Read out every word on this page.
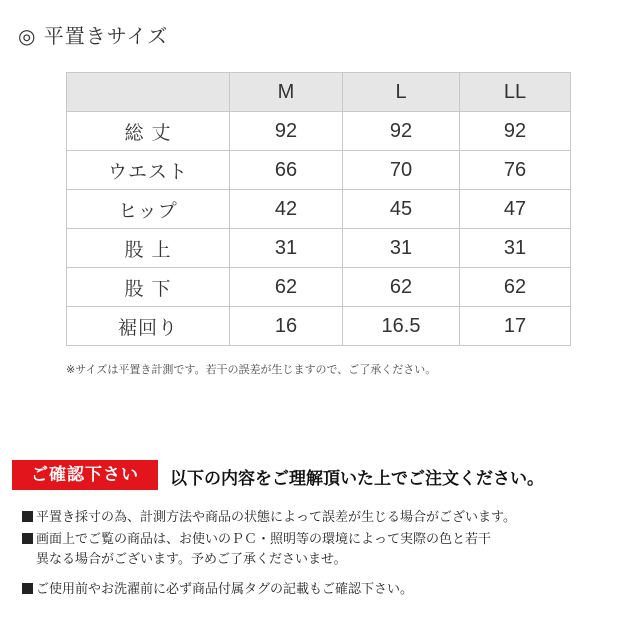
◎ 平置きサイズ
	M	L	LL
総 丈	92	92	92
ウエスト	66	70	76
ヒップ	42	45	47
股 上	31	31	31
股 下	62	62	62
裾回り	16	16.5	17
※サイズは平置き計測です。若干の誤差が生じますので、ご了承ください。
ご確認下さい	以下の内容をご理解頂いた上でご注文ください。
平置き採寸の為、計測方法や商品の状態によって誤差が生じる場合がございます。
画面上でご覧の商品は、お使いのＰＣ・照明等の環境によって実際の色と若干
異なる場合がございます。予めご了承くださいませ。
ご使用前やお洗濯前に必ず商品付属タグの記載もご確認下さい。
